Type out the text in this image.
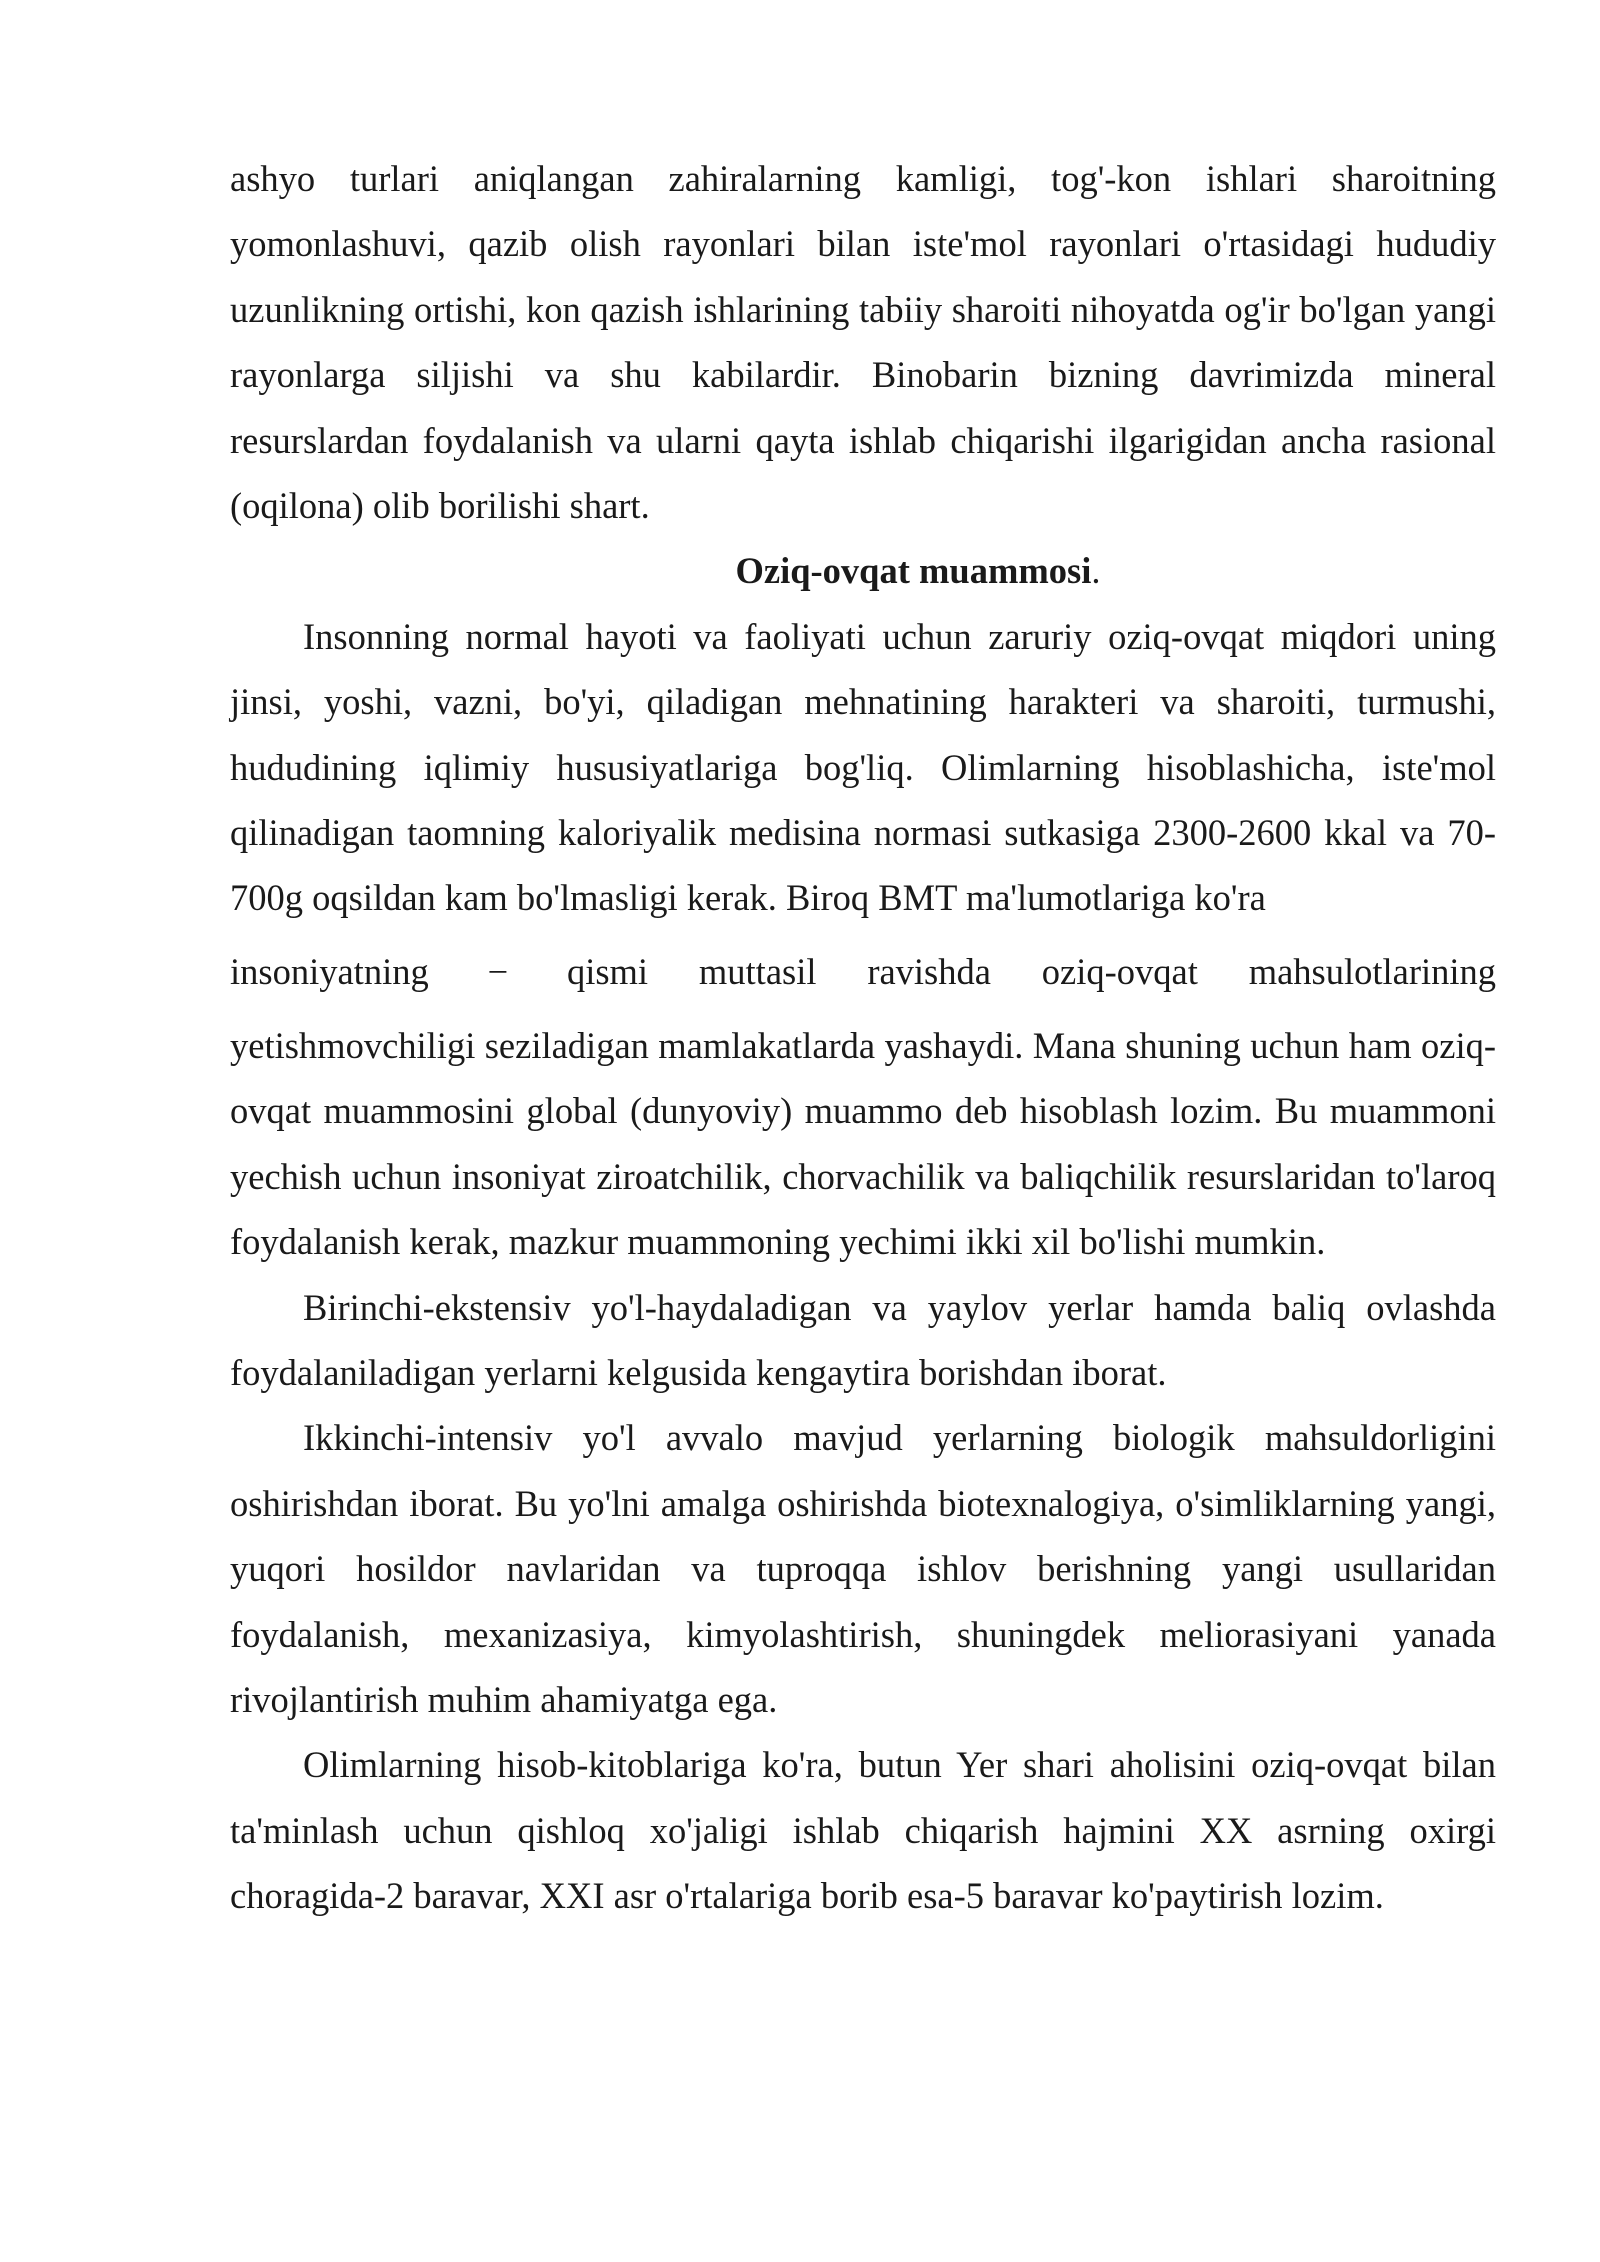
ashyo turlari aniqlangan zahiralarning kamligi, tog'-kon ishlari sharoitning yomonlashuvi, qazib olish rayonlari bilan iste'mol rayonlari o'rtasidagi hududiy uzunlikning ortishi, kon qazish ishlarining tabiiy sharoiti nihoyatda og'ir bo'lgan yangi rayonlarga siljishi va shu kabilardir. Binobarin bizning davrimizda mineral resurslardan foydalanish va ularni qayta ishlab chiqarishi ilgarigidan ancha rasional (oqilona) olib borilishi shart.

Oziq-ovqat muammosi.

Insonning normal hayoti va faoliyati uchun zaruriy oziq-ovqat miqdori uning jinsi, yoshi, vazni, bo'yi, qiladigan mehnatining harakteri va sharoiti, turmushi, hududining iqlimiy hususiyatlariga bog'liq. Olimlarning hisoblashicha, iste'mol qilinadigan taomning kaloriyalik medisina normasi sutkasiga 2300-2600 kkal va 70-700g oqsildan kam bo'lmasligi kerak. Biroq BMT ma'lumotlariga ko'ra

insoniyatning − qismi muttasil ravishda oziq-ovqat mahsulotlarining

yetishmovchiligi seziladigan mamlakatlarda yashaydi. Mana shuning uchun ham oziq-ovqat muammosini global (dunyoviy) muammo deb hisoblash lozim. Bu muammoni yechish uchun insoniyat ziroatchilik, chorvachilik va baliqchilik resurslaridan to'laroq foydalanish kerak, mazkur muammoning yechimi ikki xil bo'lishi mumkin.

Birinchi-ekstensiv yo'l-haydaladigan va yaylov yerlar hamda baliq ovlashda foydalaniladigan yerlarni kelgusida kengaytira borishdan iborat.

Ikkinchi-intensiv yo'l avvalo mavjud yerlarning biologik mahsuldorligini oshirishdan iborat. Bu yo'lni amalga oshirishda biotexnalogiya, o'simliklarning yangi, yuqori hosildor navlaridan va tuproqqa ishlov berishning yangi usullaridan foydalanish, mexanizasiya, kimyolashtirish, shuningdek meliorasiyani yanada rivojlantirish muhim ahamiyatga ega.

Olimlarning hisob-kitoblariga ko'ra, butun Yer shari aholisini oziq-ovqat bilan ta'minlash uchun qishloq xo'jaligi ishlab chiqarish hajmini XX asrning oxirgi choragida-2 baravar, XXI asr o'rtalariga borib esa-5 baravar ko'paytirish lozim.
